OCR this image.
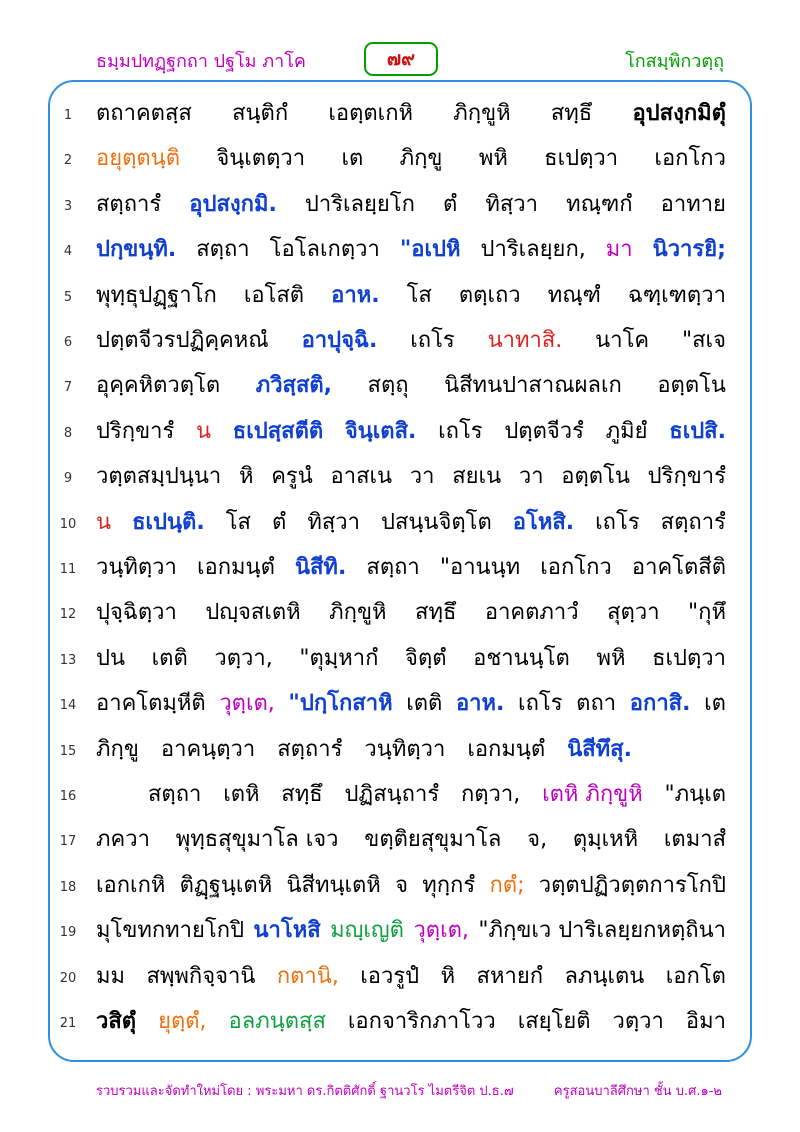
ธมฺมปทฏฺฐกถา ปฐโม ภาโค	๗๙	โกสมฺพิกวตฺถุ
1	ตถาคตสฺส สนฺติกํ เอตฺตเกหิ ภิกฺขูหิ สทฺธึ อุปสงฺกมิตุํ
2	อยุตฺตนฺติ จินฺเตตฺวา เต ภิกฺขู พหิ ธเปตฺวา เอกโกว
3	สตฺถารํ อุปสงฺกมิ. ปาริเลยฺยโก ตํ ทิสฺวา ทณฺฑกํ อาทาย
4	ปกฺขนฺทิ. สตฺถา โอโลเกตฺวา "อเปหิ ปาริเลยฺยก, มา นิวารยิ;
5	พุทฺธุปฏฺฐาโก เอโสติ อาห. โส ตตฺเถว ทณฺฑํ ฉฑฺเฑตฺวา
6	ปตฺตจีวรปฏิคฺคหณํ อาปุจฺฉิ. เถโร นาทาสิ. นาโค "สเจ
7	อุคฺคหิตวตฺโต ภวิสฺสติ, สตฺถุ นิสีทนปาสาณผลเก อตฺตโน
8	ปริกฺขารํ น ธเปสฺสตีติ จินฺเตสิ. เถโร ปตฺตจีวรํ ภูมิยํ ธเปสิ.
9	วตฺตสมฺปนฺนา หิ ครูนํ อาสเน วา สยเน วา อตฺตโน ปริกฺขารํ
10 น ธเปนฺติ. โส ตํ ทิสฺวา ปสนฺนจิตฺโต อโหสิ. เถโร สตฺถารํ
11 วนฺทิตฺวา เอกมนฺตํ นิสีทิ. สตฺถา "อานนฺท เอกโกว อาคโตสีติ
12 ปุจฺฉิตฺวา ปญฺจสเตหิ ภิกฺขูหิ สทฺธึ อาคตภาวํ สุตฺวา "กุหึ
13 ปน เตติ วตฺวา, "ตุมฺหากํ จิตฺตํ อชานนฺโต พหิ ธเปตฺวา
14 อาคโตมฺหีติ วุตฺเต, "ปกฺโกสาหิ เตติ อาห. เถโร ตถา อกาสิ. เต
15 ภิกฺขู อาคนฺตฺวา สตฺถารํ วนฺทิตฺวา เอกมนฺตํ นิสีทึสุ.
16	สตฺถา เตหิ สทฺธึ ปฏิสนฺถารํ กตฺวา, เตหิ ภิกฺขูหิ "ภนฺเต
17 ภควา พุทฺธสุขุมาโล เจว ขตฺติยสุขุมาโล จ, ตุมฺเหหิ เตมาสํ
18 เอกเกหิ ติฏฺฐนฺเตหิ นิสีทนฺเตหิ จ ทุกฺกรํ กตํ; วตฺตปฏิวตฺตการโกปิ
19 มุโขทกทายโกปิ นาโหสิ มญฺเญติ วุตฺเต, "ภิกฺขเว ปาริเลยฺยกหตฺถินา
20 มม สพฺพกิจฺจานิ กตานิ, เอวรูปํ หิ สหายกํ ลภนฺเตน เอกโต
21 วสิตุํ ยุตฺตํ, อลภนฺตสฺส เอกจาริกภาโวว เสยฺโยติ วตฺวา อิมา
รวบรวมและจัดทำใหม่โดย : พระมหา ดร.กิตติศักดิ์ ฐานวโร ไมตรีจิต ป.ธ.๗	ครูสอนบาลีศึกษา ชั้น บ.ศ.๑-๒
